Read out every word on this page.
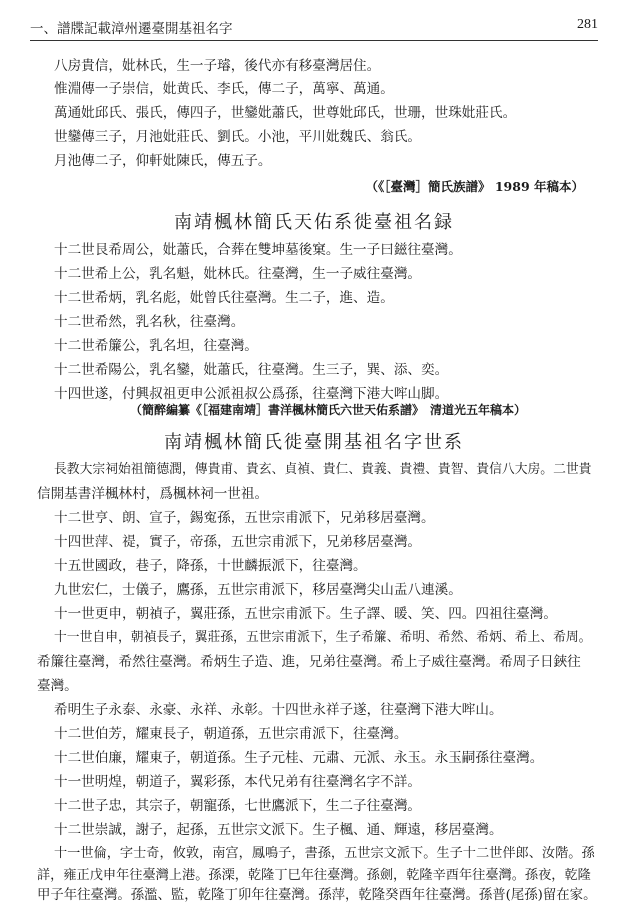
一、譜牒記載漳州遷臺開基祖名字	281
八房貴信，妣林氏，生一子璿，後代亦有移臺灣居住。
惟淵傳一子崇信，妣黄氏、李氏，傳二子，萬寧、萬通。
萬通妣邱氏、張氏，傳四子，世鑾妣蕭氏，世尊妣邱氏，世珊，世珠妣莊氏。
世鑾傳三子，月池妣莊氏、劉氏。小池，平川妣魏氏、翁氏。
月池傳二子，仰軒妣陳氏，傳五子。
（《［臺灣］簡氏族譜》 1989 年稿本）
南靖楓林簡氏天佑系徙臺祖名録
十二世艮希周公，妣蕭氏，合葬在雙坤墓後窠。生一子曰鎡往臺灣。
十二世希上公，乳名魁，妣林氏。往臺灣，生一子威往臺灣。
十二世希炳，乳名彪，妣曾氏往臺灣。生二子，進、造。
十二世希然，乳名秋，往臺灣。
十二世希簾公，乳名坦，往臺灣。
十二世希陽公，乳名鑾，妣蕭氏，往臺灣。生三子，巽、添、奕。
十四世遂，付興叔祖更申公派祖叔公爲孫，往臺灣下港大哰山脚。
（簡醉編纂《［福建南靖］書洋楓林簡氏六世天佑系譜》　清道光五年稿本）
南靖楓林簡氏徙臺開基祖名字世系
長教大宗祠始祖簡德潤，傳貴甫、貴玄、貞禎、貴仁、貴義、貴禮、貴智、貴信八大房。二世貴
信開基書洋楓林村，爲楓林祠一世祖。
十二世亨、朗、宣子，錫寃孫，五世宗甫派下，兄弟移居臺灣。
十四世萍、禔，實子，帝孫，五世宗甫派下，兄弟移居臺灣。
十五世國政，巷子，降孫，十世麟振派下，往臺灣。
九世宏仁，士儀子，鷹孫，五世宗甫派下，移居臺灣尖山盂八連溪。
十一世更申，朝禎子，翼莊孫，五世宗甫派下。生子譯、暖、笑、四。四祖往臺灣。
十一世自申，朝禎長子，翼莊孫，五世宗甫派下，生子希簾、希明、希然、希炳、希上、希周。
希簾往臺灣，希然往臺灣。希炳生子造、進，兄弟往臺灣。希上子威往臺灣。希周子日鋏往
臺灣。
希明生子永泰、永豪、永祥、永彰。十四世永祥子遂，往臺灣下港大哰山。
十二世伯芳，耀東長子，朝道孫，五世宗甫派下，往臺灣。
十二世伯廉，耀東子，朝道孫。生子元桂、元肅、元派、永玉。永玉嗣孫往臺灣。
十一世明煌，朝道子，翼彩孫，本代兄弟有往臺灣名字不詳。
十二世子忠，其宗子，朝寵孫，七世鷹派下，生二子往臺灣。
十二世崇誠，謝子，起孫，五世宗文派下。生子楓、通、輝遠，移居臺灣。
十一世倫，字士奇，攸敦，南宫，鳳鳴子，書孫，五世宗文派下。生子十二世伴郎、汝階。孫
詳，雍正戊申年往臺灣上港。孫溧，乾隆丁巳年往臺灣。孫劍，乾隆辛酉年往臺灣。孫夜，乾隆
甲子年往臺灣。孫濫、監，乾隆丁卯年往臺灣。孫萍，乾隆癸酉年往臺灣。孫普(尾孫)留在家。
